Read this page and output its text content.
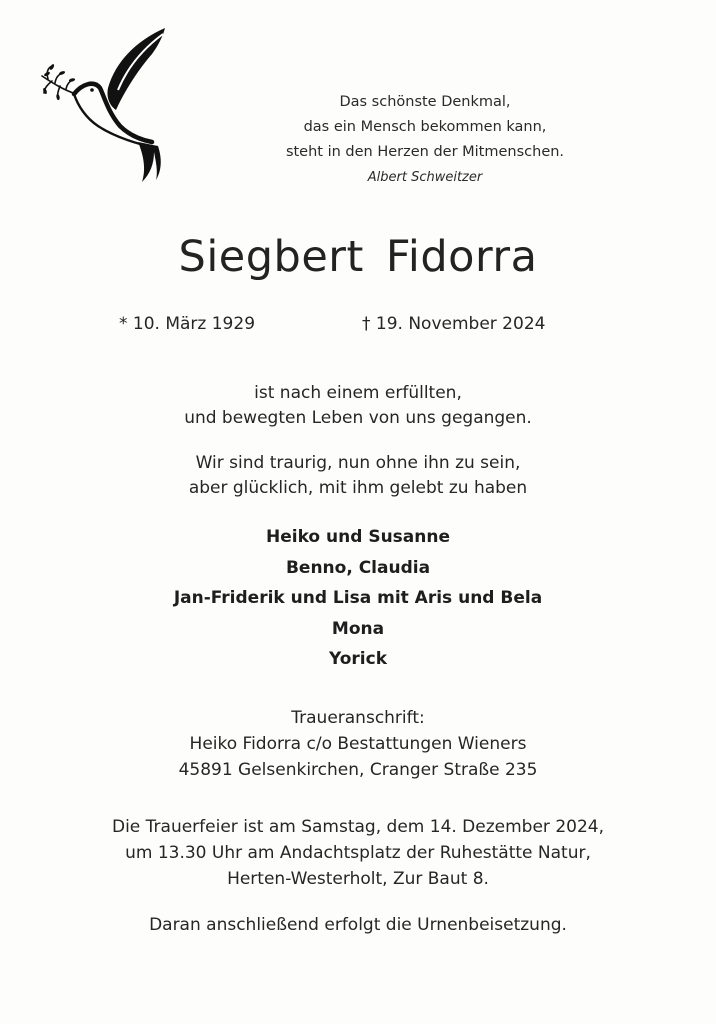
Das schönste Denkmal,
das ein Mensch bekommen kann,
steht in den Herzen der Mitmenschen.
Albert Schweitzer
Siegbert Fidorra
* 10. März 1929	† 19. November 2024
ist nach einem erfüllten,
und bewegten Leben von uns gegangen.
Wir sind traurig, nun ohne ihn zu sein,
aber glücklich, mit ihm gelebt zu haben
Heiko und Susanne
Benno, Claudia
Jan-Friderik und Lisa mit Aris und Bela
Mona
Yorick
Traueranschrift:
Heiko Fidorra c/o Bestattungen Wieners
45891 Gelsenkirchen, Cranger Straße 235
Die Trauerfeier ist am Samstag, dem 14. Dezember 2024,
um 13.30 Uhr am Andachtsplatz der Ruhestätte Natur,
Herten-Westerholt, Zur Baut 8.
Daran anschließend erfolgt die Urnenbeisetzung.
